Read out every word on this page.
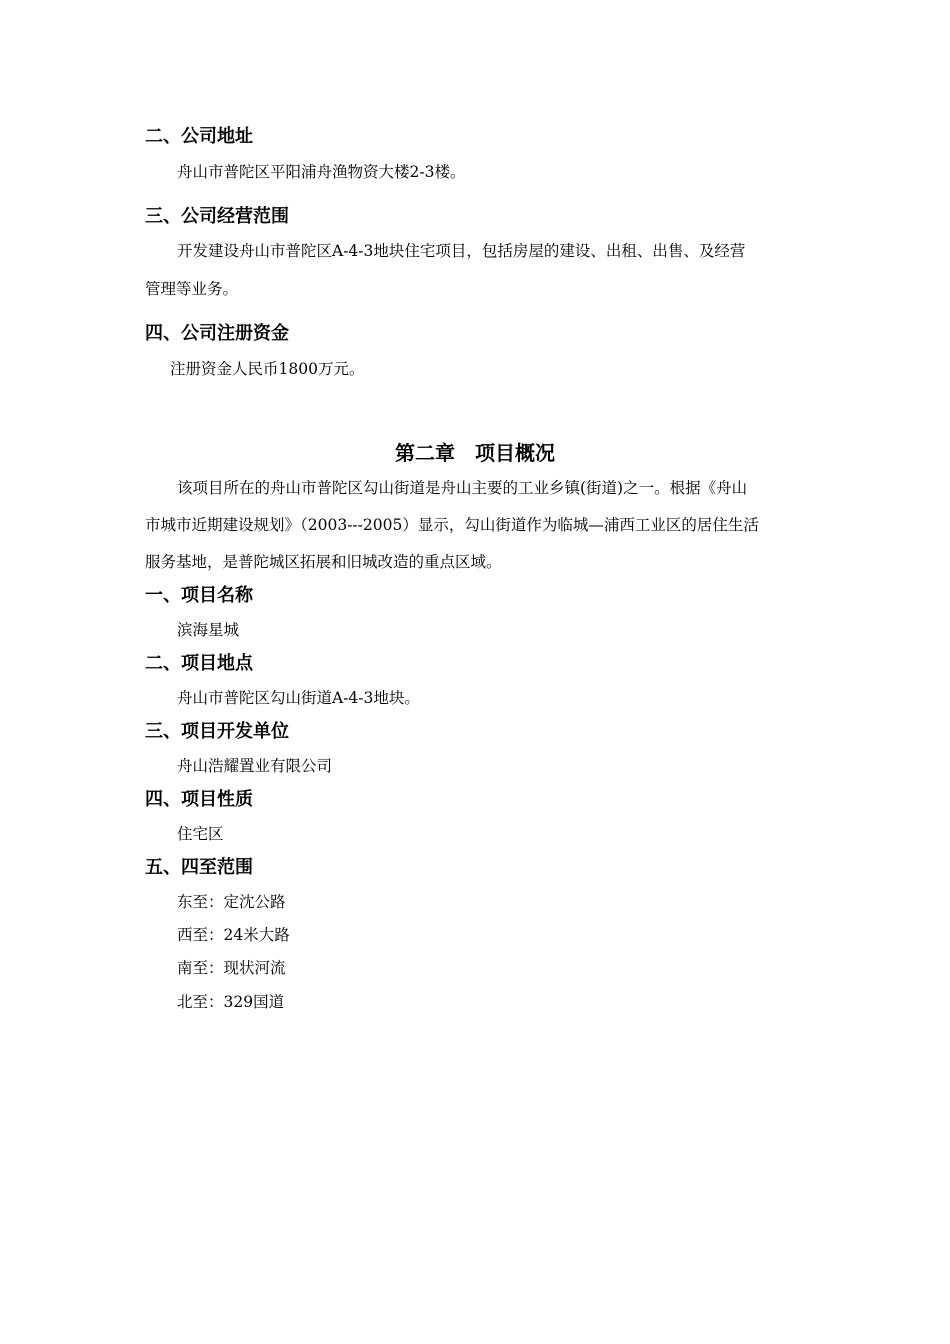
二、公司地址
舟山市普陀区平阳浦舟渔物资大楼2-3楼。
三、公司经营范围
开发建设舟山市普陀区A-4-3地块住宅项目，包括房屋的建设、出租、出售、及经营
管理等业务。
四、公司注册资金
注册资金人民币1800万元。
第二章　项目概况
该项目所在的舟山市普陀区勾山街道是舟山主要的工业乡镇(街道)之一。根据《舟山
市城市近期建设规划》（2003---2005）显示，勾山街道作为临城—浦西工业区的居住生活
服务基地，是普陀城区拓展和旧城改造的重点区域。
一、项目名称
滨海星城
二、项目地点
舟山市普陀区勾山街道A-4-3地块。
三、项目开发单位
舟山浩耀置业有限公司
四、项目性质
住宅区
五、四至范围
东至：定沈公路
西至：24米大路
南至：现状河流
北至：329国道
